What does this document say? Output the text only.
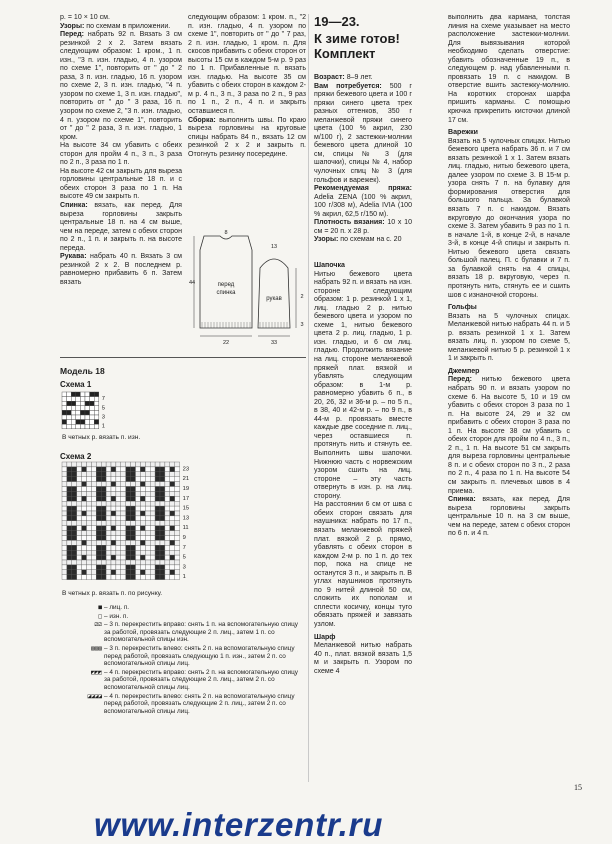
р. = 10 × 10 см.

Узоры: по схемам в приложении.

Перед: набрать 92 п. Вязать 3 см резинкой 2 х 2. Затем вязать следующим образом: 1 кром., 1 п. изн., "3 п. изн. гладью, 4 п. узором по схеме 1", повторить от " до " 2 раза, 3 п. изн. гладью, 16 п. узором по схеме 2, 3 п. изн. гладью, "4 п. узором по схеме 1, 3 п. изн. гладью", повторить от " до " 3 раза, 16 п. узором по схеме 2, "3 п. изн. гладью, 4 п. узором по схеме 1", повторить от " до " 2 раза, 3 п. изн. гладью, 1 кром.

На высоте 34 см убавить с обеих сторон для пройм 4 п., 3 п., 3 раза по 2 п., 3 раза по 1 п.

На высоте 42 см закрыть для выреза горловины центральные 18 п. и с обеих сторон 3 раза по 1 п. На высоте 49 см закрыть п.

Спинка: вязать, как перед. Для выреза горловины закрыть центральные 18 п. на 4 см выше, чем на переде, затем с обеих сторон по 2 п., 1 п. и закрыть п. на высоте переда.

Рукава: набрать 40 п. Вязать 3 см резинкой 2 х 2. В последнем р. равномерно прибавить 6 п. Затем вязать

следующим образом: 1 кром. п., "2 п. изн. гладью, 4 п. узором по схеме 1", повторить от " до " 7 раз, 2 п. изн. гладью, 1 кром. п. Для скосов прибавить с обеих сторон от высоты 15 см в каждом 5-м р. 9 раз по 1 п. Прибавленные п. вязать изн. гладью. На высоте 35 см убавить с обеих сторон в каждом 2-м р. 4 п., 3 п., 3 раза по 2 п., 9 раз по 1 п., 2 п., 4 п. и закрыть оставшиеся п.

Сборка: выполнить швы. По краю выреза горловины на круговые спицы набрать 84 п., вязать 12 см резинкой 2 х 2 и закрыть п. Отогнуть резинку посередине.

перед
спинка
рукав
8
13
22	33
44
2
3
Модель 18
Схема 1
7
5
3
1
В четных р. вязать п. изн.
Схема 2
23
21
19
17
15
13
11
9
7
5
3
1
В четных р. вязать п. по рисунку.
■ – лиц. п.
□ – изн. п.
⧄⧄ – 3 п. перекрестить вправо: снять 1 п. на вспомогательную спицу за работой, провязать следующие 2 п. лиц., затем 1 п. со вспомогательной спицы изн.
▨▨▨ – 3 п. перекрестить влево: снять 2 п. на вспомогательную спицу перед работой, провязать следующую 1 п. изн., затем 2 п. со вспомогательной спицы лиц.
◩◩◩ – 4 п. перекрестить вправо: снять 2 п. на вспомогательную спицу за работой, провязать следующие 2 п. лиц., затем 2 п. со вспомогательной спицы лиц.
◪◪◪◪ – 4 п. перекрестить влево: снять 2 п. на вспомогательную спицу перед работой, провязать следующие 2 п. лиц., затем 2 п. со вспомогательной спицы лиц.
19—23.
К зиме готов! Комплект

Возраст: 8–9 лет.

Вам потребуется: 500 г пряжи бежевого цвета и 100 г пряжи синего цвета трех разных оттенков, 350 г меланжевой пряжи синего цвета (100 % акрил, 230 м/100 г), 2 застежки-молнии бежевого цвета длиной 10 см, спицы № 3 (для шапочки), спицы № 4, набор чулочных спиц № 3 (для гольфов и варежек).

Рекомендуемая пряжа: Adelia ZENA (100 % акрил, 100 г/308 м), Adelia IVIA (100 % акрил, 62,5 г/150 м).

Плотность вязания: 10 х 10 см = 20 п. х 28 р.

Узоры: по схемам на с. 20

Шапочка

Нитью бежевого цвета набрать 92 п. и вязать на изн. стороне следующим образом: 1 р. резинкой 1 х 1, лиц. гладью 2 р. нитью бежевого цвета и узором по схеме 1, нитью бежевого цвета 2 р. лиц. гладью, 1 р. изн. гладью, и 6 см лиц. гладью. Продолжить вязание на лиц. стороне меланжевой пряжей плат. вязкой и убавлять следующим образом: в 1-м р. равномерно убавить 6 п., в 20, 26, 32 и 36-м р. – по 5 п., в 38, 40 и 42-м р. – по 9 п., в 44-м р. провязать вместе каждые две соседние п. лиц., через оставшиеся п. протянуть нить и стянуть ее. Выполнить швы шапочки. Нижнюю часть с норвежским узором сшить на лиц. стороне – эту часть отвернуть в изн. р. на лиц. сторону.

На расстоянии 6 см от шва с обеих сторон связать для наушника: набрать по 17 п., вязать меланжевой пряжей плат. вязкой 2 р. прямо, убавлять с обеих сторон в каждом 2-м р. по 1 п. до тех пор, пока на спице не останутся 3 п., и закрыть п. В углах наушников протянуть по 9 нитей длиной 50 см, сложить их пополам и сплести косичку, концы тугo обвязать пряжей и завязать узлом.

Шарф

Меланжевой нитью набрать 40 п., плат. вязкой вязать 1,5 м и закрыть п. Узором по схеме 4

выполнить два кармана, толстая линия на схеме указывает на место расположение застежки-молнии. Для вывязывания которой необходимо сделать отверстие: убавить обозначенные 19 п., в следующем р. над убавленными п. провязать 19 п. с накидом. В отверстие вшить застежку-молнию. На коротких сторонах шарфа пришить карманы. С помощью крючка прикрепить кисточки длиной 17 см.

Варежки

Вязать на 5 чулочных спицах. Нитью бежевого цвета набрать 36 п. и 7 см вязать резинкой 1 х 1. Затем вязать лиц. гладью, нитью бежевого цвета, далее узором по схеме 3. В 15-м р. узора снять 7 п. на булавку для формирования отверстия для большого пальца. За булавкой вязать 7 п. с накидом. Вязать вкруговую до окончания узора по схеме 3. Затем убавить 9 раз по 1 п. в начале 1-й, в конце 2-й, в начале 3-й, в конце 4-й спицы и закрыть п. Нитью бежевого цвета связать большой палец. П. с булавки и 7 п. за булавкой снять на 4 спицы, вязать 18 р. вкруговую, через п. протянуть нить, стянуть ее и сшить шов с изнаночной стороны.

Гольфы

Вязать на 5 чулочных спицах. Меланжевой нитью набрать 44 п. и 5 р. вязать резинкой 1 х 1. Затем вязать лиц. п. узором по схеме 5, меланжевой нитью 5 р. резинкой 1 х 1 и закрыть п.

Джемпер

Перед: нитью бежевого цвета набрать 90 п. и вязать узором по схеме 6. На высоте 5, 10 и 19 см убавить с обеих сторон 3 раза по 1 п. На высоте 24, 29 и 32 см прибавить с обеих сторон 3 раза по 1 п. На высоте 38 см убавить с обеих сторон для пройм по 4 п., 3 п., 2 п., 1 п. На высоте 51 см закрыть для выреза горловины центральные 8 п. и с обеих сторон по 3 п., 2 раза по 2 п., 4 раза по 1 п. На высоте 54 см закрыть п. плечевых швов в 4 приема.

Спинка: вязать, как перед. Для выреза горловины закрыть центральные 10 п. на 3 см выше, чем на переде, затем с обеих сторон по 6 п. и 4 п.

15
www.interzentr.ru
